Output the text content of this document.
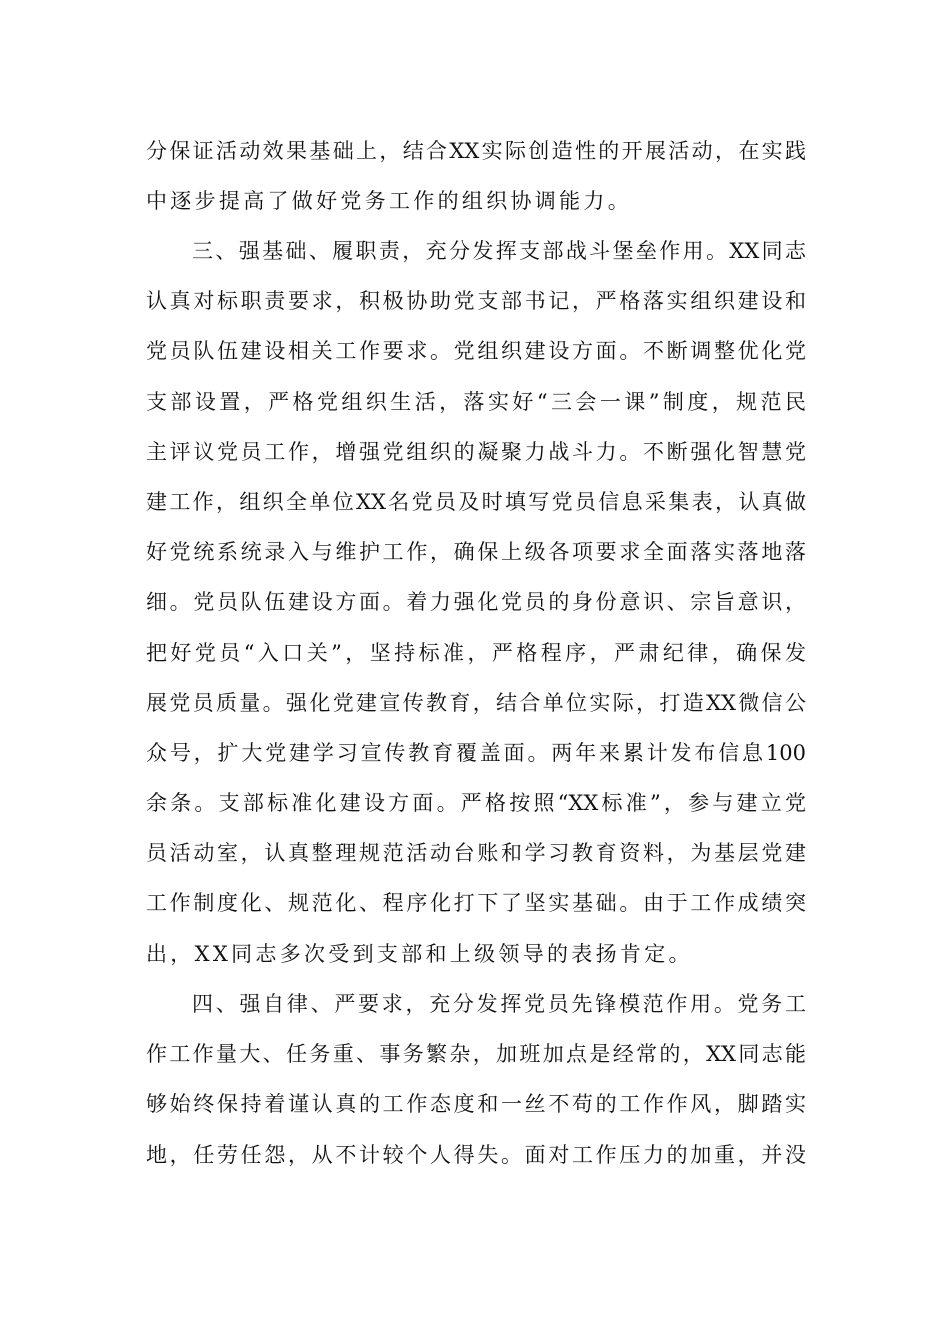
分保证活动效果基础上，结合XX实际创造性的开展活动，在实践
中逐步提高了做好党务工作的组织协调能力。
三、强基础、履职责，充分发挥支部战斗堡垒作用。XX同志
认真对标职责要求，积极协助党支部书记，严格落实组织建设和
党员队伍建设相关工作要求。党组织建设方面。不断调整优化党
支部设置，严格党组织生活，落实好“三会一课”制度，规范民
主评议党员工作，增强党组织的凝聚力战斗力。不断强化智慧党
建工作，组织全单位XX名党员及时填写党员信息采集表，认真做
好党统系统录入与维护工作，确保上级各项要求全面落实落地落
细。党员队伍建设方面。着力强化党员的身份意识、宗旨意识，
把好党员“入口关”，坚持标准，严格程序，严肃纪律，确保发
展党员质量。强化党建宣传教育，结合单位实际，打造XX微信公
众号，扩大党建学习宣传教育覆盖面。两年来累计发布信息100
余条。支部标准化建设方面。严格按照“XX标准”，参与建立党
员活动室，认真整理规范活动台账和学习教育资料，为基层党建
工作制度化、规范化、程序化打下了坚实基础。由于工作成绩突
出，XX同志多次受到支部和上级领导的表扬肯定。
四、强自律、严要求，充分发挥党员先锋模范作用。党务工
作工作量大、任务重、事务繁杂，加班加点是经常的，XX同志能
够始终保持着谨认真的工作态度和一丝不苟的工作作风，脚踏实
地，任劳任怨，从不计较个人得失。面对工作压力的加重，并没
